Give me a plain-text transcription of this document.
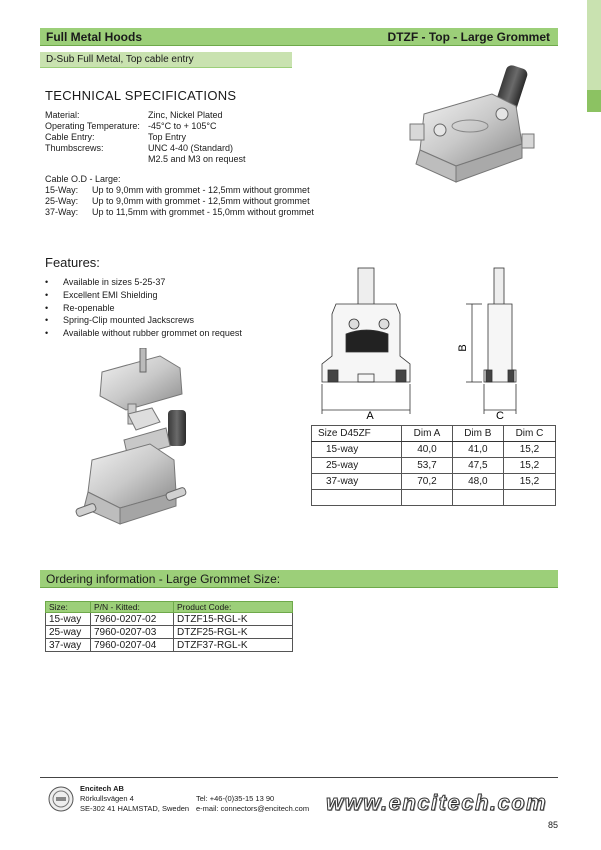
Full Metal Hoods	DTZF - Top - Large Grommet
D-Sub Full Metal, Top cable entry
TECHNICAL SPECIFICATIONS
Material:	Zinc, Nickel Plated
Operating Temperature: -45°C to + 105°C
Cable Entry:	Top Entry
Thumbscrews:	UNC 4-40 (Standard)
M2.5 and M3 on request
Cable O.D - Large:
15-Way:	Up to 9,0mm with grommet - 12,5mm without grommet
25-Way:	Up to 9,0mm with grommet - 12,5mm without grommet
37-Way:	Up to 11,5mm with grommet - 15,0mm without grommet
Features:
•	Available in sizes 5-25-37
•	Excellent EMI Shielding
•	Re-openable
•	Spring-Clip mounted Jackscrews
•	Available without rubber grommet on request
A	C
B
Size D45ZF	Dim A	Dim B	Dim C
15-way	40,0	41,0	15,2
25-way	53,7	47,5	15,2
37-way	70,2	48,0	15,2

Ordering information - Large Grommet Size:
Size:	P/N - Kitted:	Product Code:
15-way	7960-0207-02	DTZF15-RGL-K
25-way	7960-0207-03	DTZF25-RGL-K
37-way	7960-0207-04	DTZF37-RGL-K
Encitech AB
Rörkullsvägen 4
SE-302 41 HALMSTAD, Sweden
Tel: +46-(0)35-15 13 90
e-mail: connectors@encitech.com www.encitech.com
85
